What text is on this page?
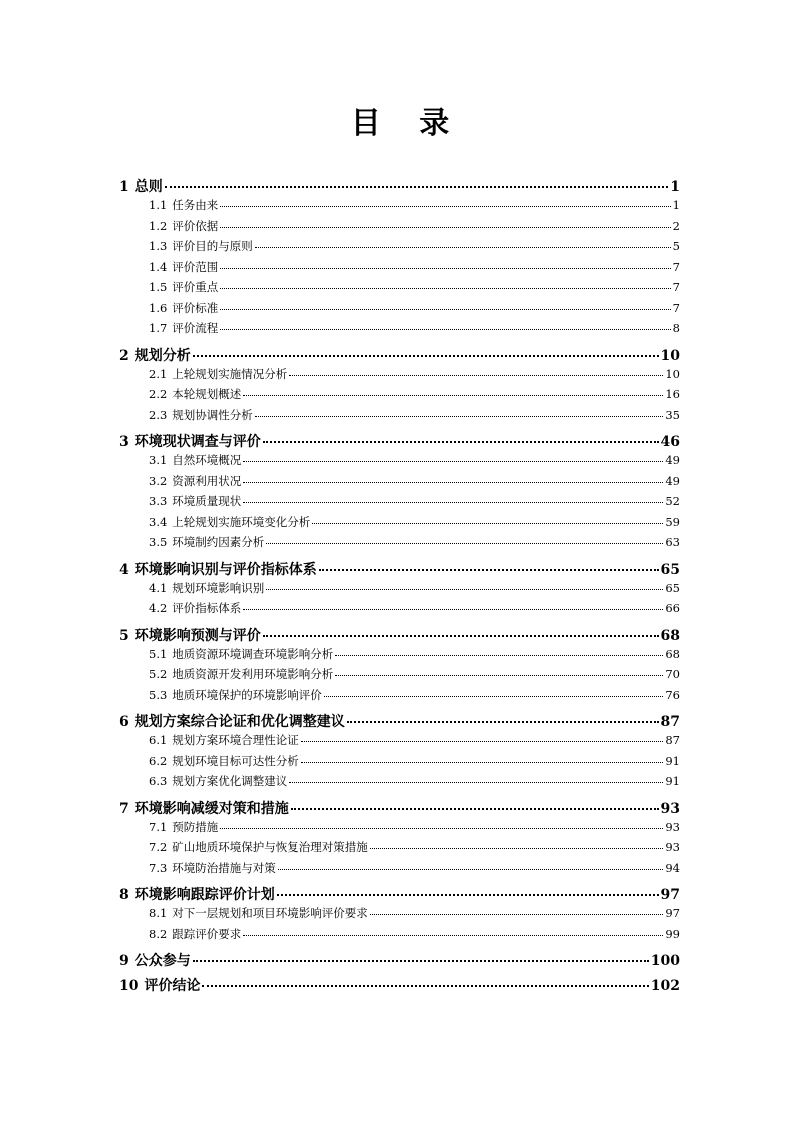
目 录
1 总则	1
1.1 任务由来	1
1.2 评价依据	2
1.3 评价目的与原则	5
1.4 评价范围	7
1.5 评价重点	7
1.6 评价标准	7
1.7 评价流程	8
2 规划分析	10
2.1 上轮规划实施情况分析	10
2.2 本轮规划概述	16
2.3 规划协调性分析	35
3 环境现状调查与评价	46
3.1 自然环境概况	49
3.2 资源利用状况	49
3.3 环境质量现状	52
3.4 上轮规划实施环境变化分析	59
3.5 环境制约因素分析	63
4 环境影响识别与评价指标体系	65
4.1 规划环境影响识别	65
4.2 评价指标体系	66
5 环境影响预测与评价	68
5.1 地质资源环境调查环境影响分析	68
5.2 地质资源开发利用环境影响分析	70
5.3 地质环境保护的环境影响评价	76
6 规划方案综合论证和优化调整建议	87
6.1 规划方案环境合理性论证	87
6.2 规划环境目标可达性分析	91
6.3 规划方案优化调整建议	91
7 环境影响减缓对策和措施	93
7.1 预防措施	93
7.2 矿山地质环境保护与恢复治理对策措施	93
7.3 环境防治措施与对策	94
8 环境影响跟踪评价计划	97
8.1 对下一层规划和项目环境影响评价要求	97
8.2 跟踪评价要求	99
9 公众参与	100
10 评价结论	102
